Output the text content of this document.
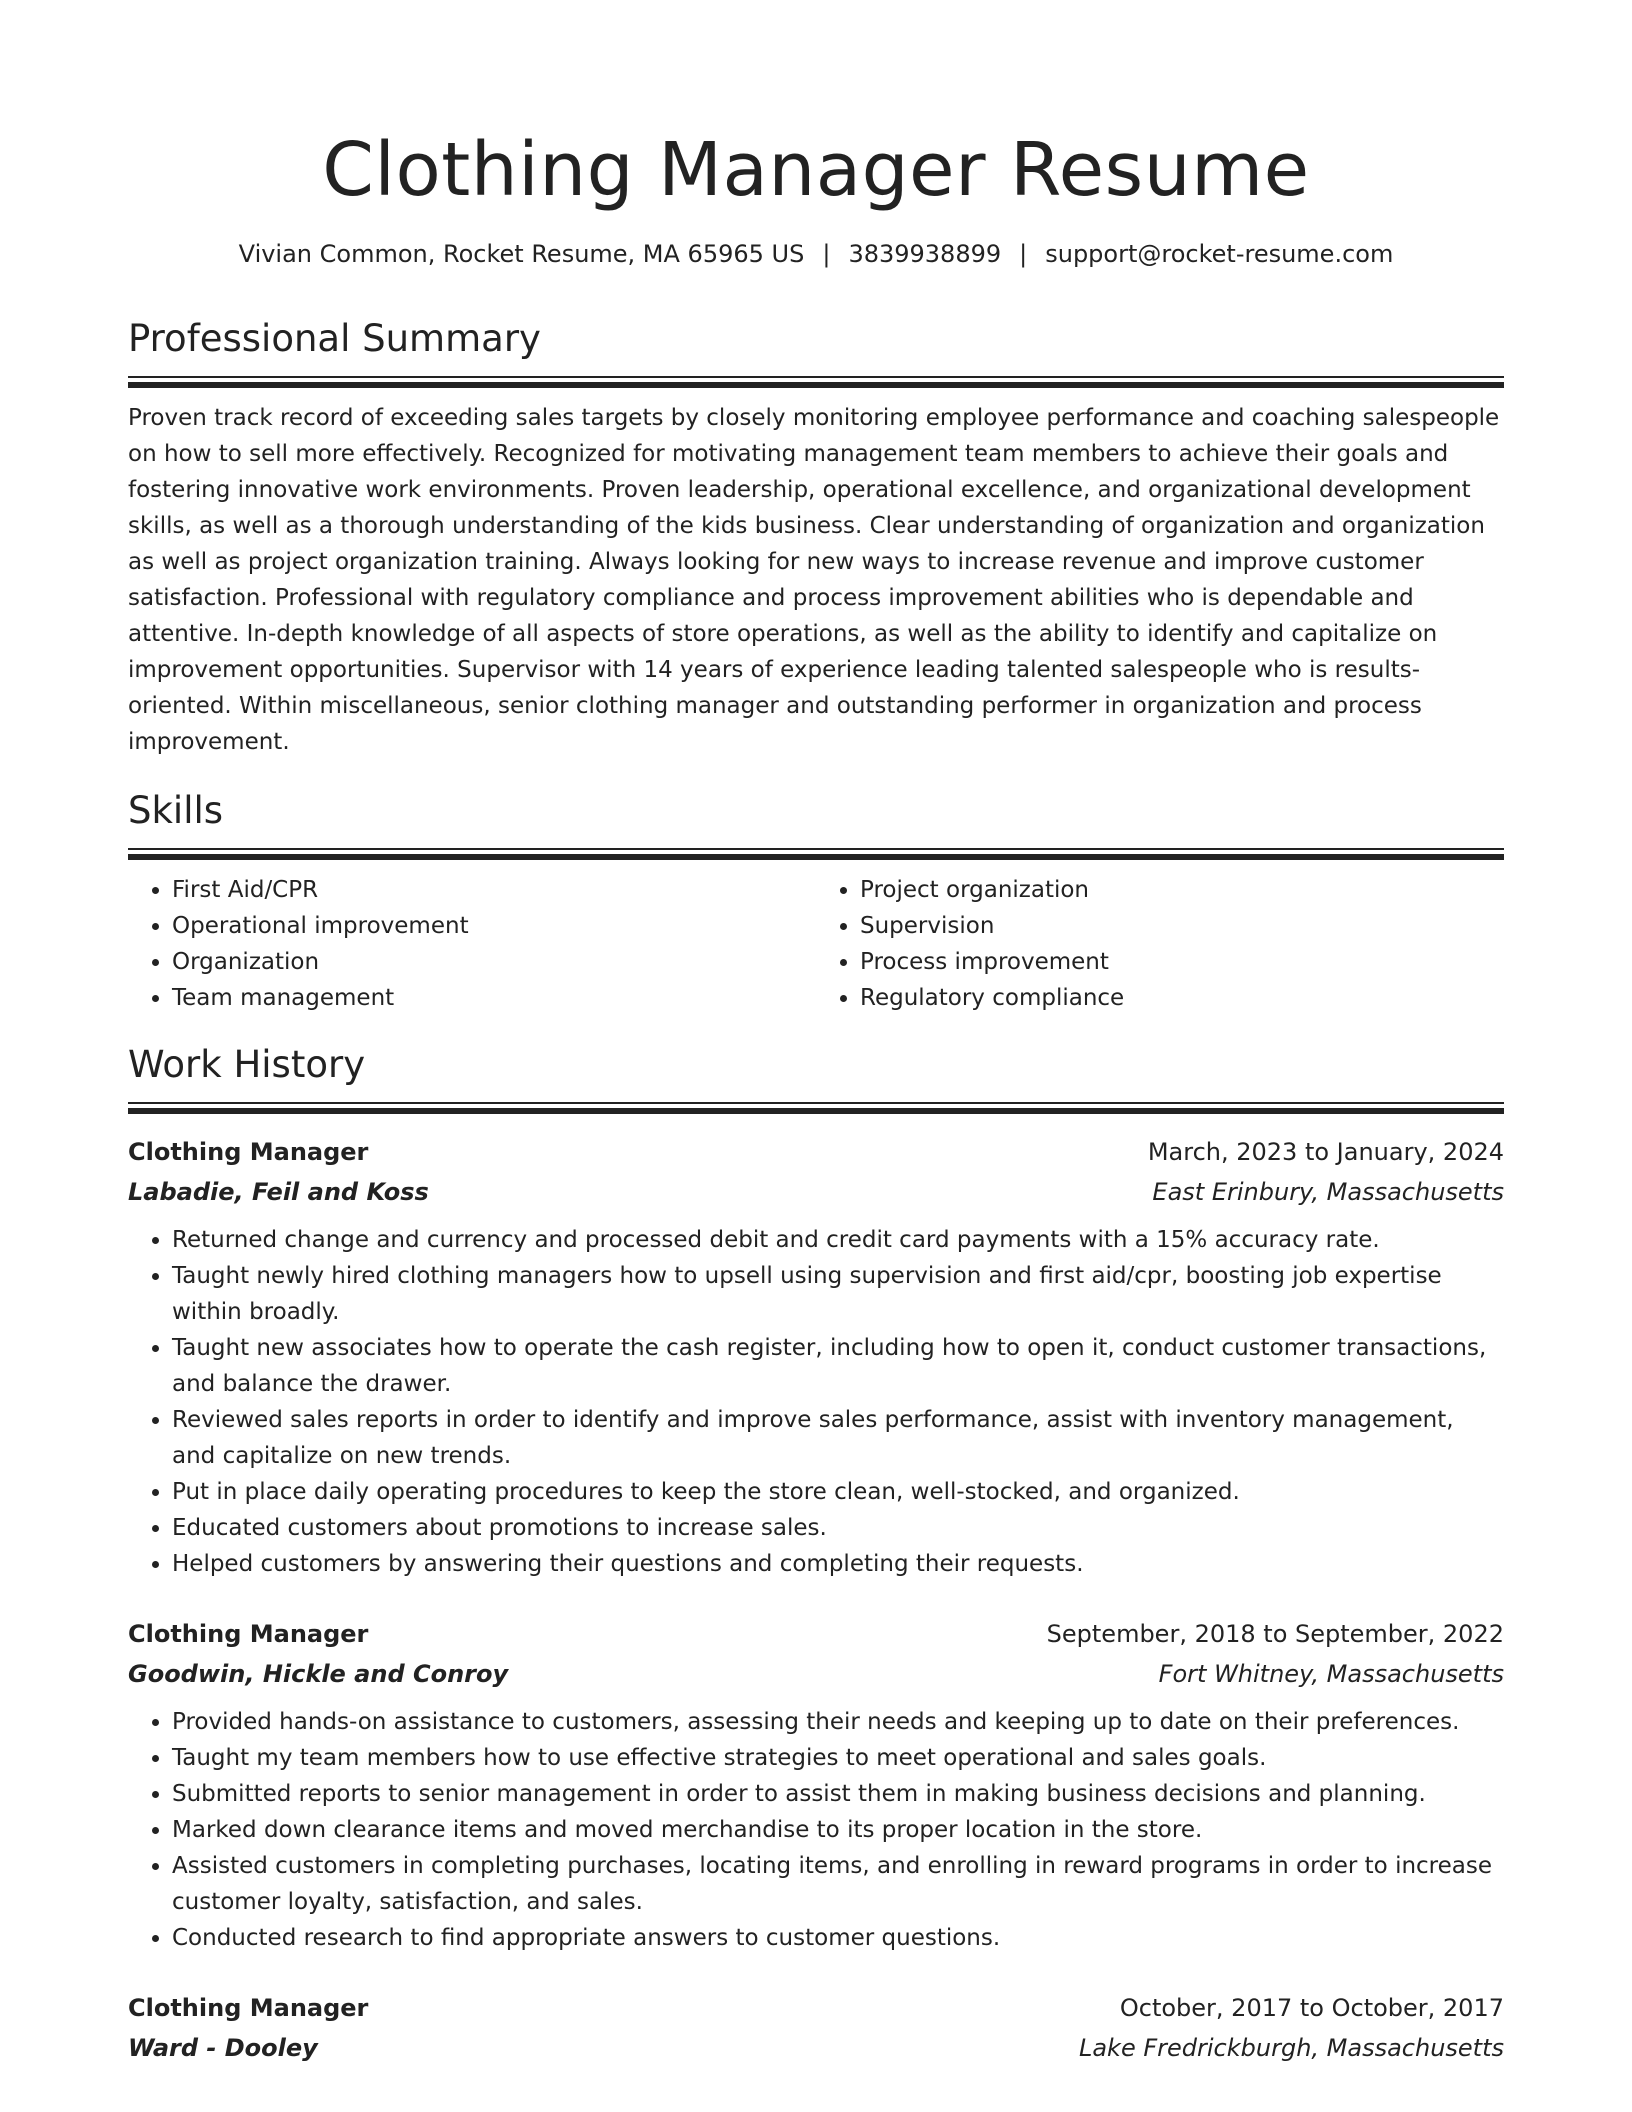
Clothing Manager Resume
Vivian Common, Rocket Resume, MA 65965 US | 3839938899 | support@rocket-resume.com
Professional Summary

Proven track record of exceeding sales targets by closely monitoring employee performance and coaching salespeople on how to sell more effectively. Recognized for motivating management team members to achieve their goals and fostering innovative work environments. Proven leadership, operational excellence, and organizational development skills, as well as a thorough understanding of the kids business. Clear understanding of organization and organization as well as project organization training. Always looking for new ways to increase revenue and improve customer satisfaction. Professional with regulatory compliance and process improvement abilities who is dependable and attentive. In-depth knowledge of all aspects of store operations, as well as the ability to identify and capitalize on improvement opportunities. Supervisor with 14 years of experience leading talented salespeople who is results-oriented. Within miscellaneous, senior clothing manager and outstanding performer in organization and process improvement.

Skills
• First Aid/CPR
• Operational improvement
• Organization
• Team management
• Project organization
• Supervision
• Process improvement
• Regulatory compliance
Work History
Clothing Manager	March, 2023 to January, 2024
Labadie, Feil and Koss	East Erinbury, Massachusetts
• Returned change and currency and processed debit and credit card payments with a 15% accuracy rate.
• Taught newly hired clothing managers how to upsell using supervision and first aid/cpr, boosting job expertise within broadly.
• Taught new associates how to operate the cash register, including how to open it, conduct customer transactions, and balance the drawer.
• Reviewed sales reports in order to identify and improve sales performance, assist with inventory management, and capitalize on new trends.
• Put in place daily operating procedures to keep the store clean, well-stocked, and organized.
• Educated customers about promotions to increase sales.
• Helped customers by answering their questions and completing their requests.
Clothing Manager	September, 2018 to September, 2022
Goodwin, Hickle and Conroy	Fort Whitney, Massachusetts
• Provided hands-on assistance to customers, assessing their needs and keeping up to date on their preferences.
• Taught my team members how to use effective strategies to meet operational and sales goals.
• Submitted reports to senior management in order to assist them in making business decisions and planning.
• Marked down clearance items and moved merchandise to its proper location in the store.
• Assisted customers in completing purchases, locating items, and enrolling in reward programs in order to increase customer loyalty, satisfaction, and sales.
• Conducted research to find appropriate answers to customer questions.
Clothing Manager	October, 2017 to October, 2017
Ward - Dooley	Lake Fredrickburgh, Massachusetts
